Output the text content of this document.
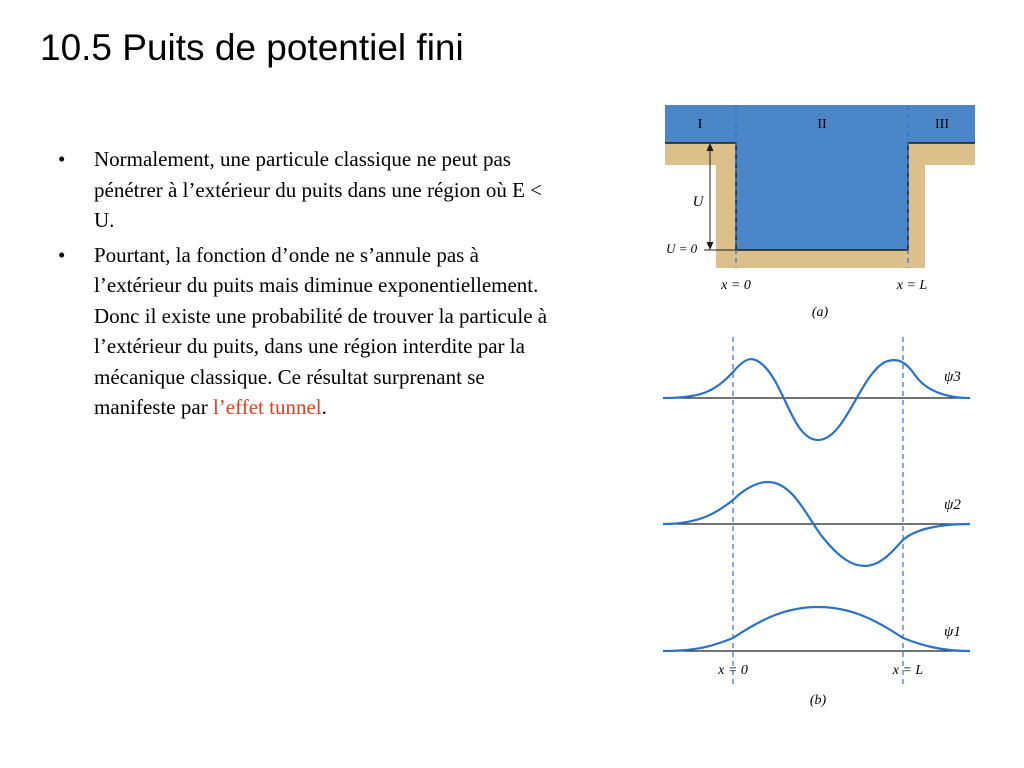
10.5 Puits de potentiel fini
• Normalement, une particule classique ne peut pas pénétrer à l’extérieur du puits dans une région où E < U.
• Pourtant, la fonction d’onde ne s’annule pas à l’extérieur du puits mais diminue exponentiellement. Donc il existe une probabilité de trouver la particule à l’extérieur du puits, dans une région interdite par la mécanique classique. Ce résultat surprenant se manifeste par l’effet tunnel.
I	II	III
U
U = 0
x = 0	x = L
(a)
ψ3
ψ2
ψ1
x = 0	x = L
(b)
